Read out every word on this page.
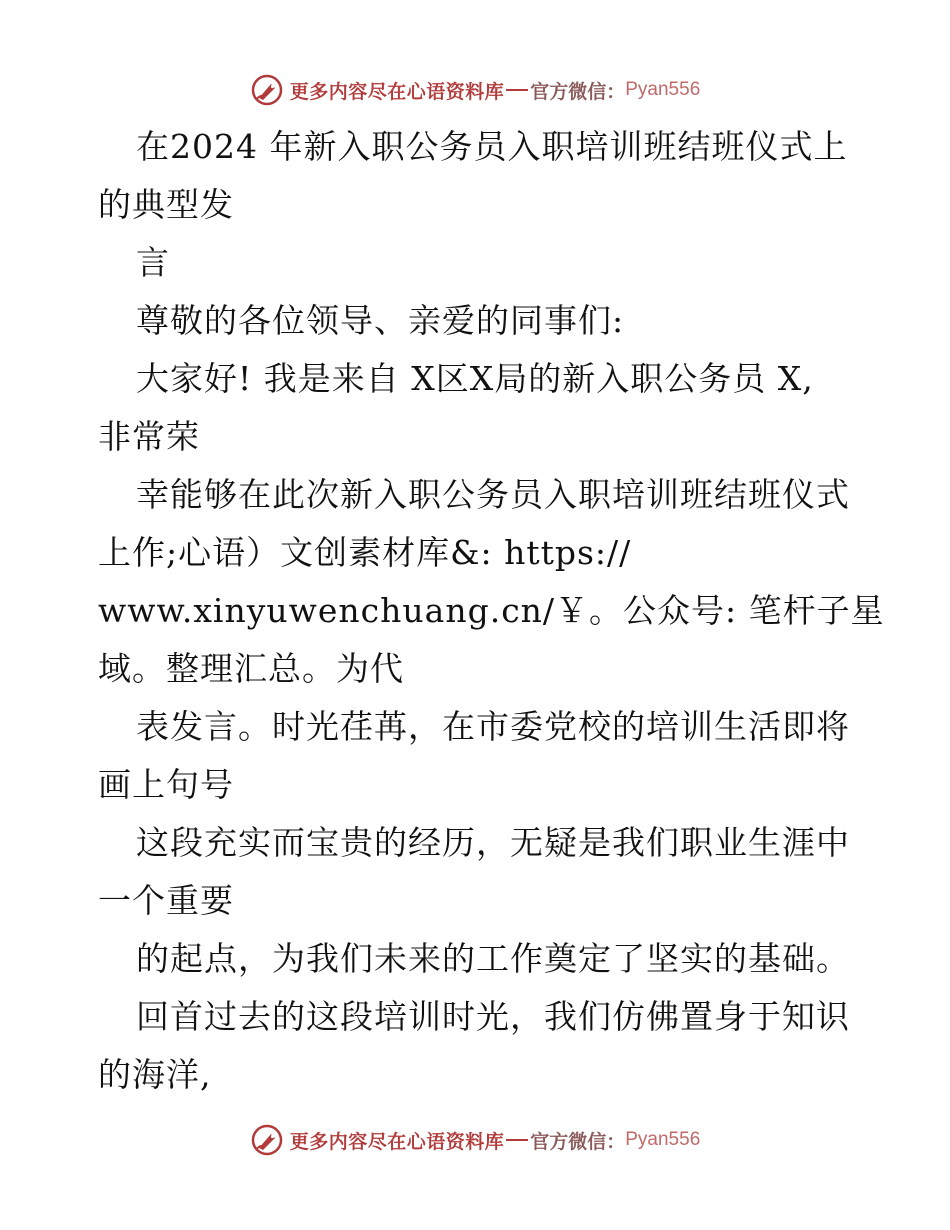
更多内容尽在心语资料库 官方微信： Pyan556
在2024 年新入职公务员入职培训班结班仪式上
的典型发
言
尊敬的各位领导、亲爱的同事们:
大家好! 我是来自 X区X局的新入职公务员 X,
非常荣
幸能够在此次新入职公务员入职培训班结班仪式
上作;心语）文创素材库&: https://
www.xinyuwenchuang.cn/￥。公众号: 笔杆子星
域。整理汇总。为代
表发言。时光荏苒，在市委党校的培训生活即将
画上句号
这段充实而宝贵的经历，无疑是我们职业生涯中
一个重要
的起点，为我们未来的工作奠定了坚实的基础。
回首过去的这段培训时光，我们仿佛置身于知识
的海洋,
更多内容尽在心语资料库 官方微信： Pyan556
